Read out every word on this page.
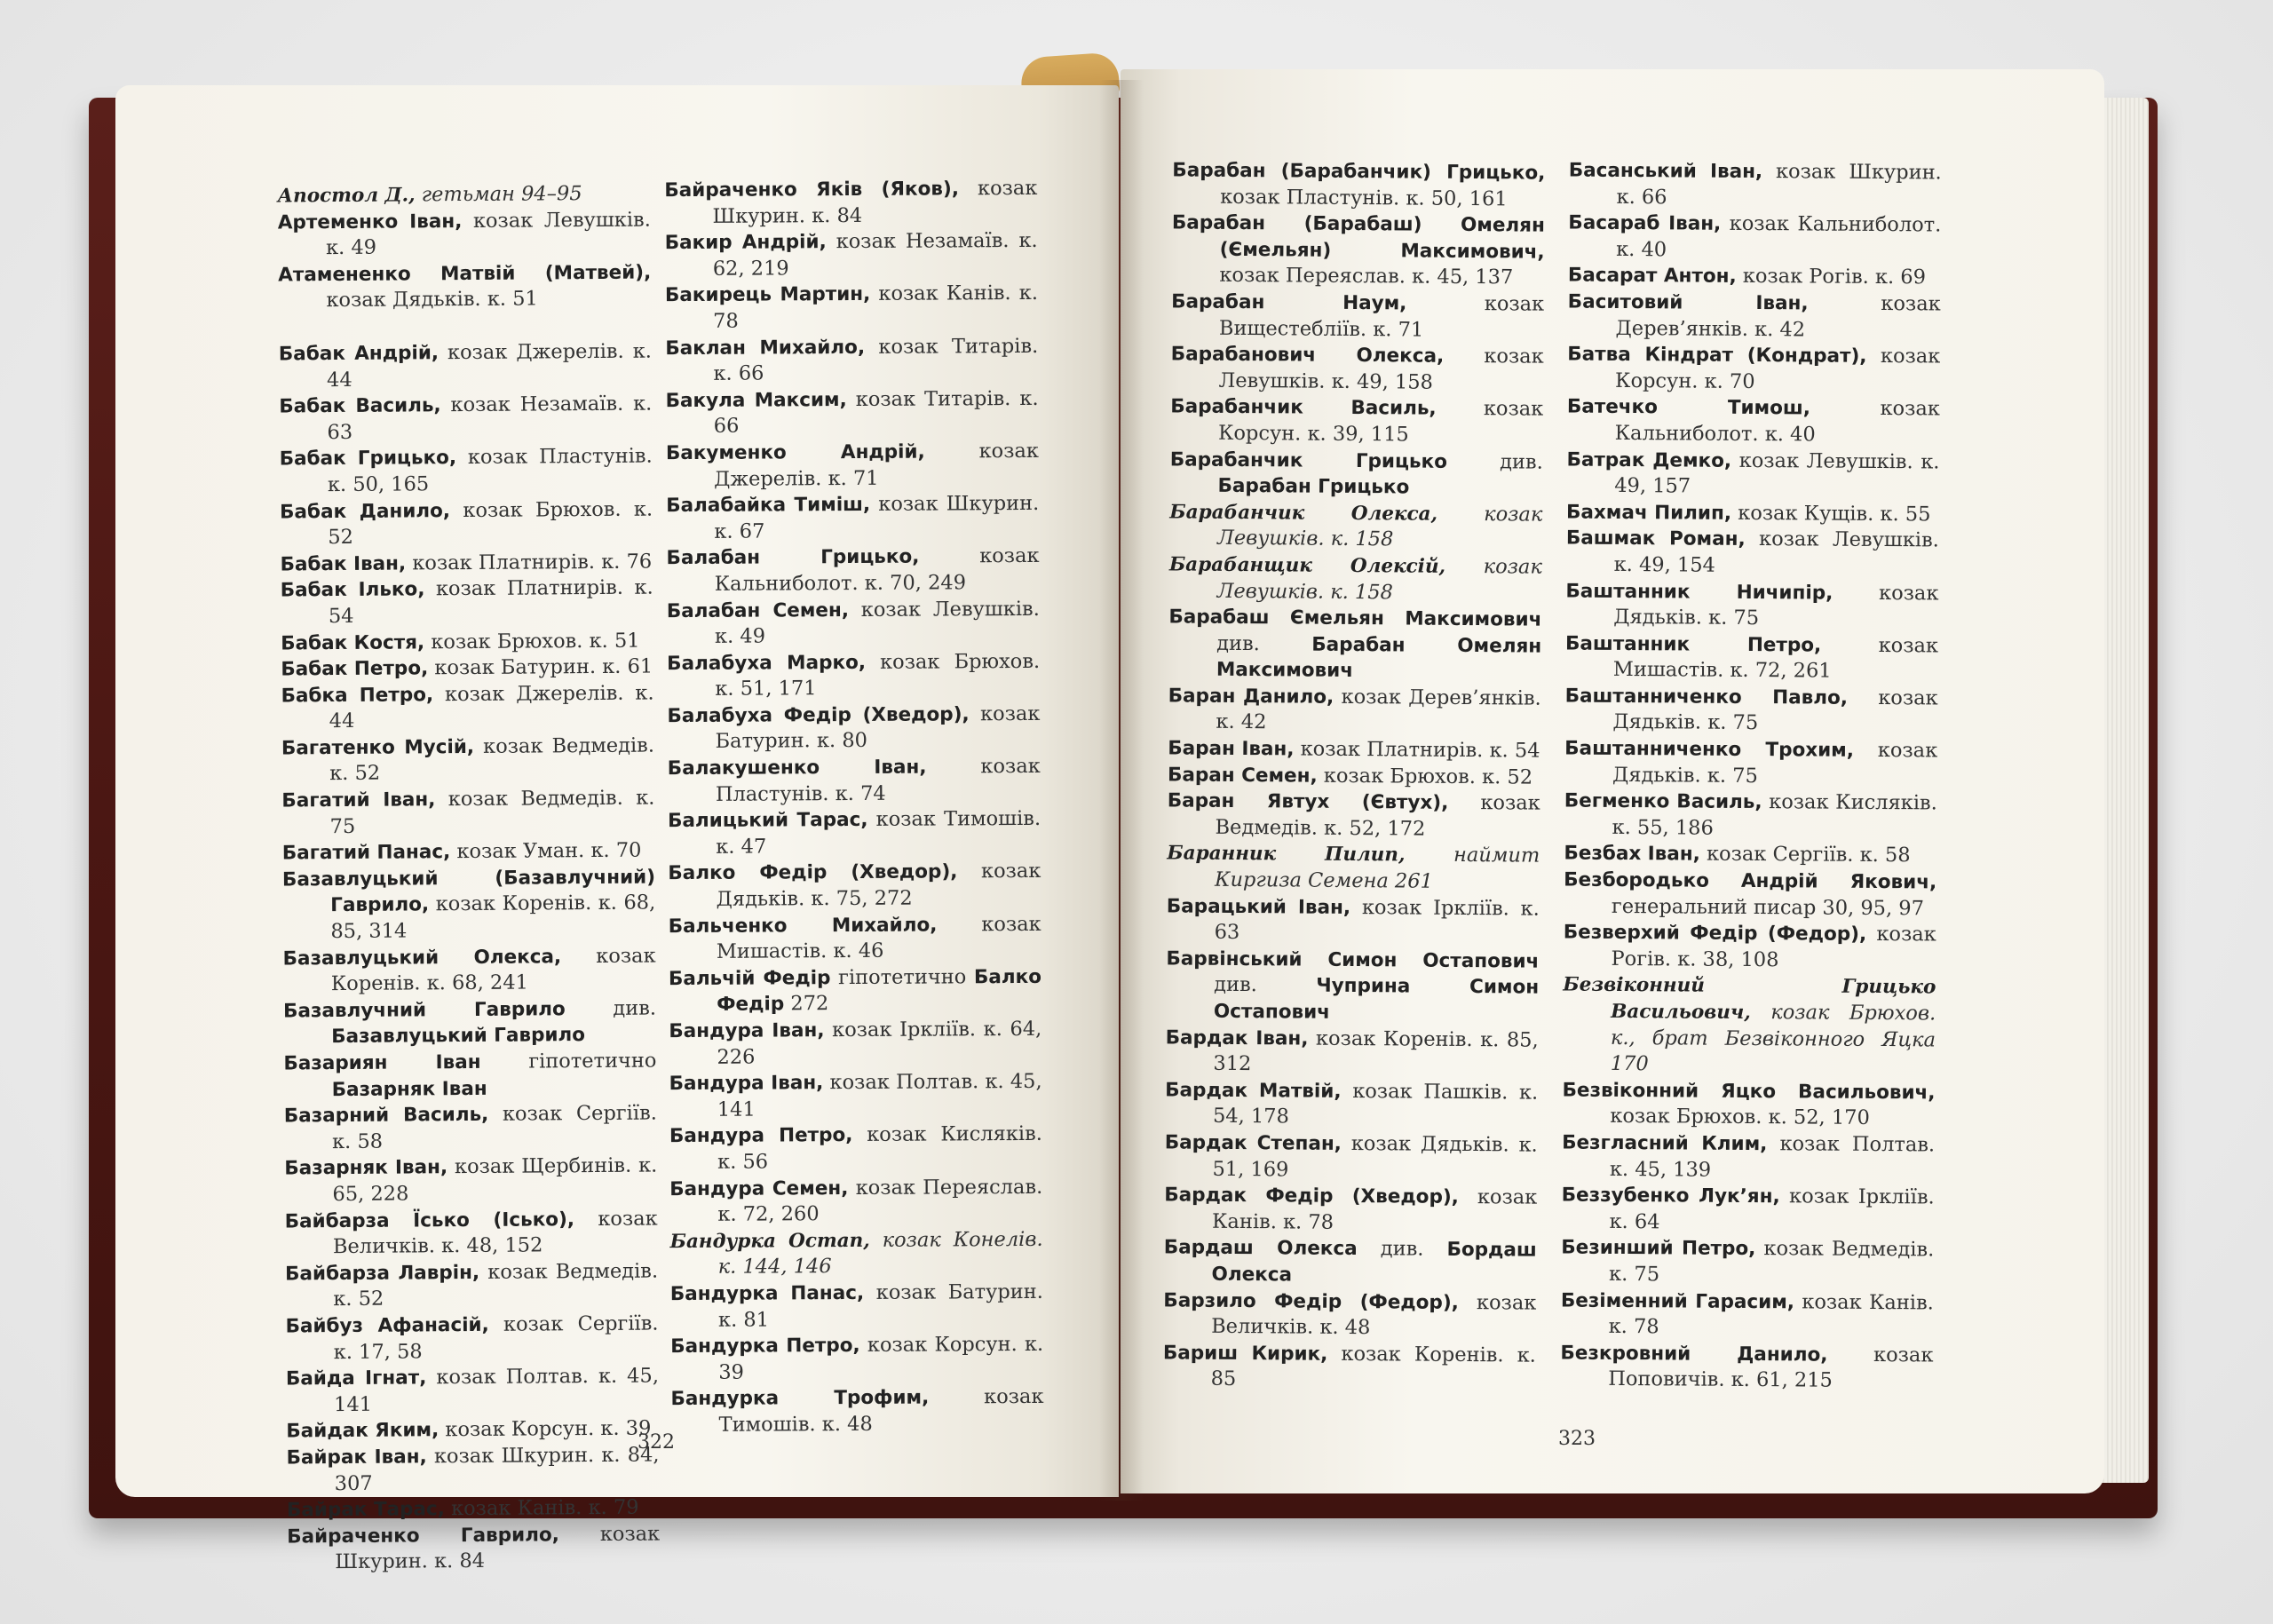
Апостол Д., гетьман 94–95

Артеменко Іван, козак Левушків. к. 49

Атамененко Матвій (Матвей), козак Дядьків. к. 51

Бабак Андрій, козак Джерелів. к. 44

Бабак Василь, козак Незамаїв. к. 63

Бабак Грицько, козак Пластунів. к. 50, 165

Бабак Данило, козак Брюхов. к. 52

Бабак Іван, козак Платнирів. к. 76

Бабак Ілько, козак Платнирів. к. 54

Бабак Костя, козак Брюхов. к. 51

Бабак Петро, козак Батурин. к. 61

Бабка Петро, козак Джерелів. к. 44

Багатенко Мусій, козак Ведмедів. к. 52

Багатий Іван, козак Ведмедів. к. 75

Багатий Панас, козак Уман. к. 70

Базавлуцький (Базавлучний) Гаврило, козак Коренів. к. 68, 85, 314

Базавлуцький Олекса, козак Коренів. к. 68, 241

Базавлучний Гаврило див. Базавлуцький Гаврило

Базариян Іван гіпотетично Базарняк Іван

Базарний Василь, козак Сергіїв. к. 58

Базарняк Іван, козак Щербинів. к. 65, 228

Байбарза Їсько (Ісько), козак Величків. к. 48, 152

Байбарза Лаврін, козак Ведмедів. к. 52

Байбуз Афанасій, козак Сергіїв. к. 17, 58

Байда Ігнат, козак Полтав. к. 45, 141

Байдак Яким, козак Корсун. к. 39

Байрак Іван, козак Шкурин. к. 84, 307

Байрак Тарас, козак Канів. к. 79

Байраченко Гаврило, козак Шкурин. к. 84

Байраченко Яків (Яков), козак Шкурин. к. 84

Бакир Андрій, козак Незамаїв. к. 62, 219

Бакирець Мартин, козак Канів. к. 78

Баклан Михайло, козак Титарів. к. 66

Бакула Максим, козак Титарів. к. 66

Бакуменко Андрій, козак Джерелів. к. 71

Балабайка Тиміш, козак Шкурин. к. 67

Балабан Грицько, козак Кальнибoлот. к. 70, 249

Балабан Семен, козак Левушків. к. 49

Балабуха Марко, козак Брюхов. к. 51, 171

Балабуха Федір (Хведор), козак Батурин. к. 80

Балакушенко Іван, козак Пластунів. к. 74

Балицький Тарас, козак Тимошів. к. 47

Балко Федір (Хведор), козак Дядьків. к. 75, 272

Бальченко Михайло, козак Мишастів. к. 46

Бальчій Федір гіпотетично Балко Федір 272

Бандура Іван, козак Ірклiїв. к. 64, 226

Бандура Іван, козак Полтав. к. 45, 141

Бандура Петро, козак Кисляків. к. 56

Бандура Семен, козак Переяслав. к. 72, 260

Бандурка Остап, козак Конелів. к. 144, 146

Бандурка Панас, козак Батурин. к. 81

Бандурка Петро, козак Корсун. к. 39

Бандурка Трофим, козак Тимошів. к. 48

Барабан (Барабанчик) Грицько, козак Пластунів. к. 50, 161

Барабан (Барабаш) Омелян (Ємельян) Максимович, козак Переяслав. к. 45, 137

Барабан Наум, козак Вищестеблiїв. к. 71

Барабанович Олекса, козак Левушків. к. 49, 158

Барабанчик Василь, козак Корсун. к. 39, 115

Барабанчик Грицько див. Барабан Грицько

Барабанчик Олекса, козак Левушків. к. 158

Барабанщик Олексій, козак Левушків. к. 158

Барабаш Ємельян Максимович див. Барабан Омелян Максимович

Баран Данило, козак Дерев’янків. к. 42

Баран Іван, козак Платнирів. к. 54

Баран Семен, козак Брюхов. к. 52

Баран Явтух (Євтух), козак Ведмедів. к. 52, 172

Баранник Пилип, наймит Киргиза Семена 261

Барацький Іван, козак Ірклiїв. к. 63

Барвінський Симон Остапович див. Чуприна Симон Остапович

Бардак Іван, козак Коренів. к. 85, 312

Бардак Матвій, козак Пашків. к. 54, 178

Бардак Степан, козак Дядьків. к. 51, 169

Бардак Федір (Хведор), козак Канів. к. 78

Бардаш Олекса див. Бордаш Олекса

Барзило Федір (Федор), козак Величків. к. 48

Бариш Кирик, козак Коренів. к. 85

Басанський Іван, козак Шкурин. к. 66

Басараб Іван, козак Кальнибoлот. к. 40

Басарат Антон, козак Рогів. к. 69

Баситовий Іван, козак Дерев’янків. к. 42

Батва Кіндрат (Кондрат), козак Корсун. к. 70

Батечко Тимош, козак Кальнибoлот. к. 40

Батрак Демко, козак Левушків. к. 49, 157

Бахмач Пилип, козак Кущів. к. 55

Башмак Роман, козак Левушків. к. 49, 154

Баштанник Ничипір, козак Дядьків. к. 75

Баштанник Петро, козак Мишастів. к. 72, 261

Баштанниченко Павло, козак Дядьків. к. 75

Баштанниченко Трохим, козак Дядьків. к. 75

Бегменко Василь, козак Кисляків. к. 55, 186

Безбах Іван, козак Сергіїв. к. 58

Безбородько Андрій Якович, генеральний писар 30, 95, 97

Безверхий Федір (Федор), козак Рогів. к. 38, 108

Безвіконний Грицько Васильович, козак Брюхов. к., брат Безвіконного Яцка 170

Безвіконний Яцко Васильович, козак Брюхов. к. 52, 170

Безгласний Клим, козак Полтав. к. 45, 139

Беззубенко Лук’ян, козак Ірклiїв. к. 64

Безинший Петро, козак Ведмедів. к. 75

Безіменний Гарасим, козак Канів. к. 78

Безкровний Данило, козак Поповичів. к. 61, 215

322	323
